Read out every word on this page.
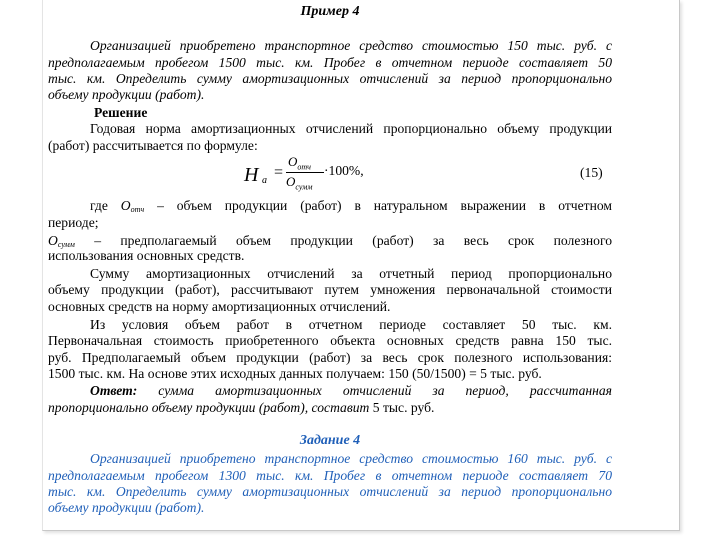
Пример 4
Организацией приобретено транспортное средство стоимостью 150 тыс. руб. с
предполагаемым пробегом 1500 тыс. км. Пробег в отчетном периоде составляет 50
тыс. км. Определить сумму амортизационных отчислений за период пропорционально
объему продукции (работ).
Решение
Годовая норма амортизационных отчислений пропорционально объему продукции
(работ) рассчитывается по формуле:
Н а =
$О_{отч}$
$О_{сумм}$
·100%,	(15)
где $О_{отч}$ – объем продукции (работ) в натуральном выражении в отчетном
периоде;
$О_{сумм}$ – предполагаемый объем продукции (работ) за весь срок полезного
использования основных средств.
Сумму амортизационных отчислений за отчетный период пропорционально
объему продукции (работ), рассчитывают путем умножения первоначальной стоимости
основных средств на норму амортизационных отчислений.
Из условия объем работ в отчетном периоде составляет 50 тыс. км.
Первоначальная стоимость приобретенного объекта основных средств равна 150 тыс.
руб. Предполагаемый объем продукции (работ) за весь срок полезного использования:
1500 тыс. км. На основе этих исходных данных получаем: 150 (50/1500) = 5 тыс. руб.
Ответ: сумма амортизационных отчислений за период, рассчитанная
пропорционально объему продукции (работ), составит 5 тыс. руб.
Задание 4
Организацией приобретено транспортное средство стоимостью 160 тыс. руб. с
предполагаемым пробегом 1300 тыс. км. Пробег в отчетном периоде составляет 70
тыс. км. Определить сумму амортизационных отчислений за период пропорционально
объему продукции (работ).
